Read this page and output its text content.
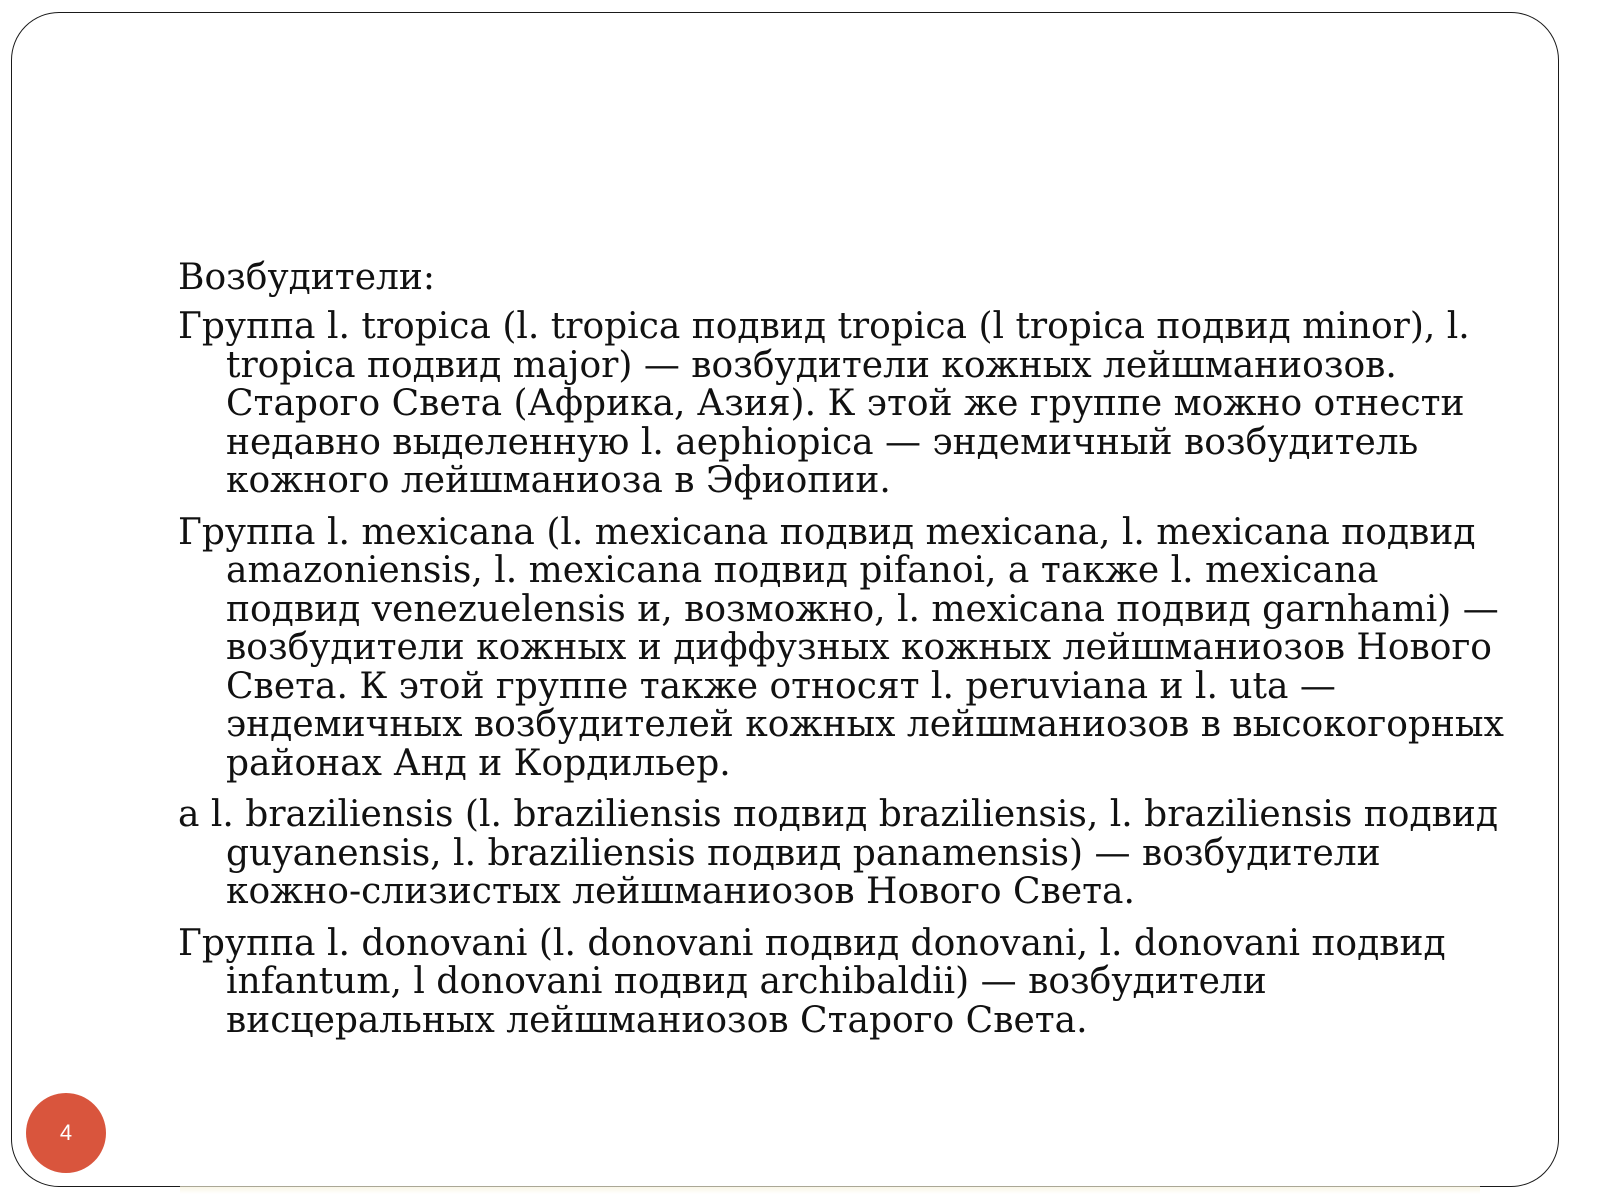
Возбудители:
Группа l. tropica (l. tropica подвид tropica (l tropica подвид minor), l. tropica подвид major) — возбудители кожных лейшманиозов. Старого Света (Африка, Азия). К этой же группе можно отнести недавно выделенную l. aephiopica — эндемичный возбудитель кожного лейшманиоза в Эфиопии.
Группа l. mexicana (l. mexicana подвид mexicana, l. mexicana подвид amazoniensis, l. mexicana подвид pifanoi, а также l. mexicana подвид venezuelensis и, возможно, l. mexicana подвид garnhami) — возбудители кожных и диффузных кожных лейшманиозов Нового Света. К этой группе также относят l. peruviana и l. uta — эндемичных возбудителей кожных лейшманиозов в высокогорных районах Анд и Кордильер.
а l. braziliensis (l. braziliensis подвид braziliensis, l. braziliensis подвид guyanensis, l. braziliensis подвид panamensis) — возбудители кожно-слизистых лейшманиозов Нового Света.
Группа l. donovani (l. donovani подвид donovani, l. donovani подвид infantum, l donovani подвид archibaldii) — возбудители висцеральных лейшманиозов Старого Света.
4
